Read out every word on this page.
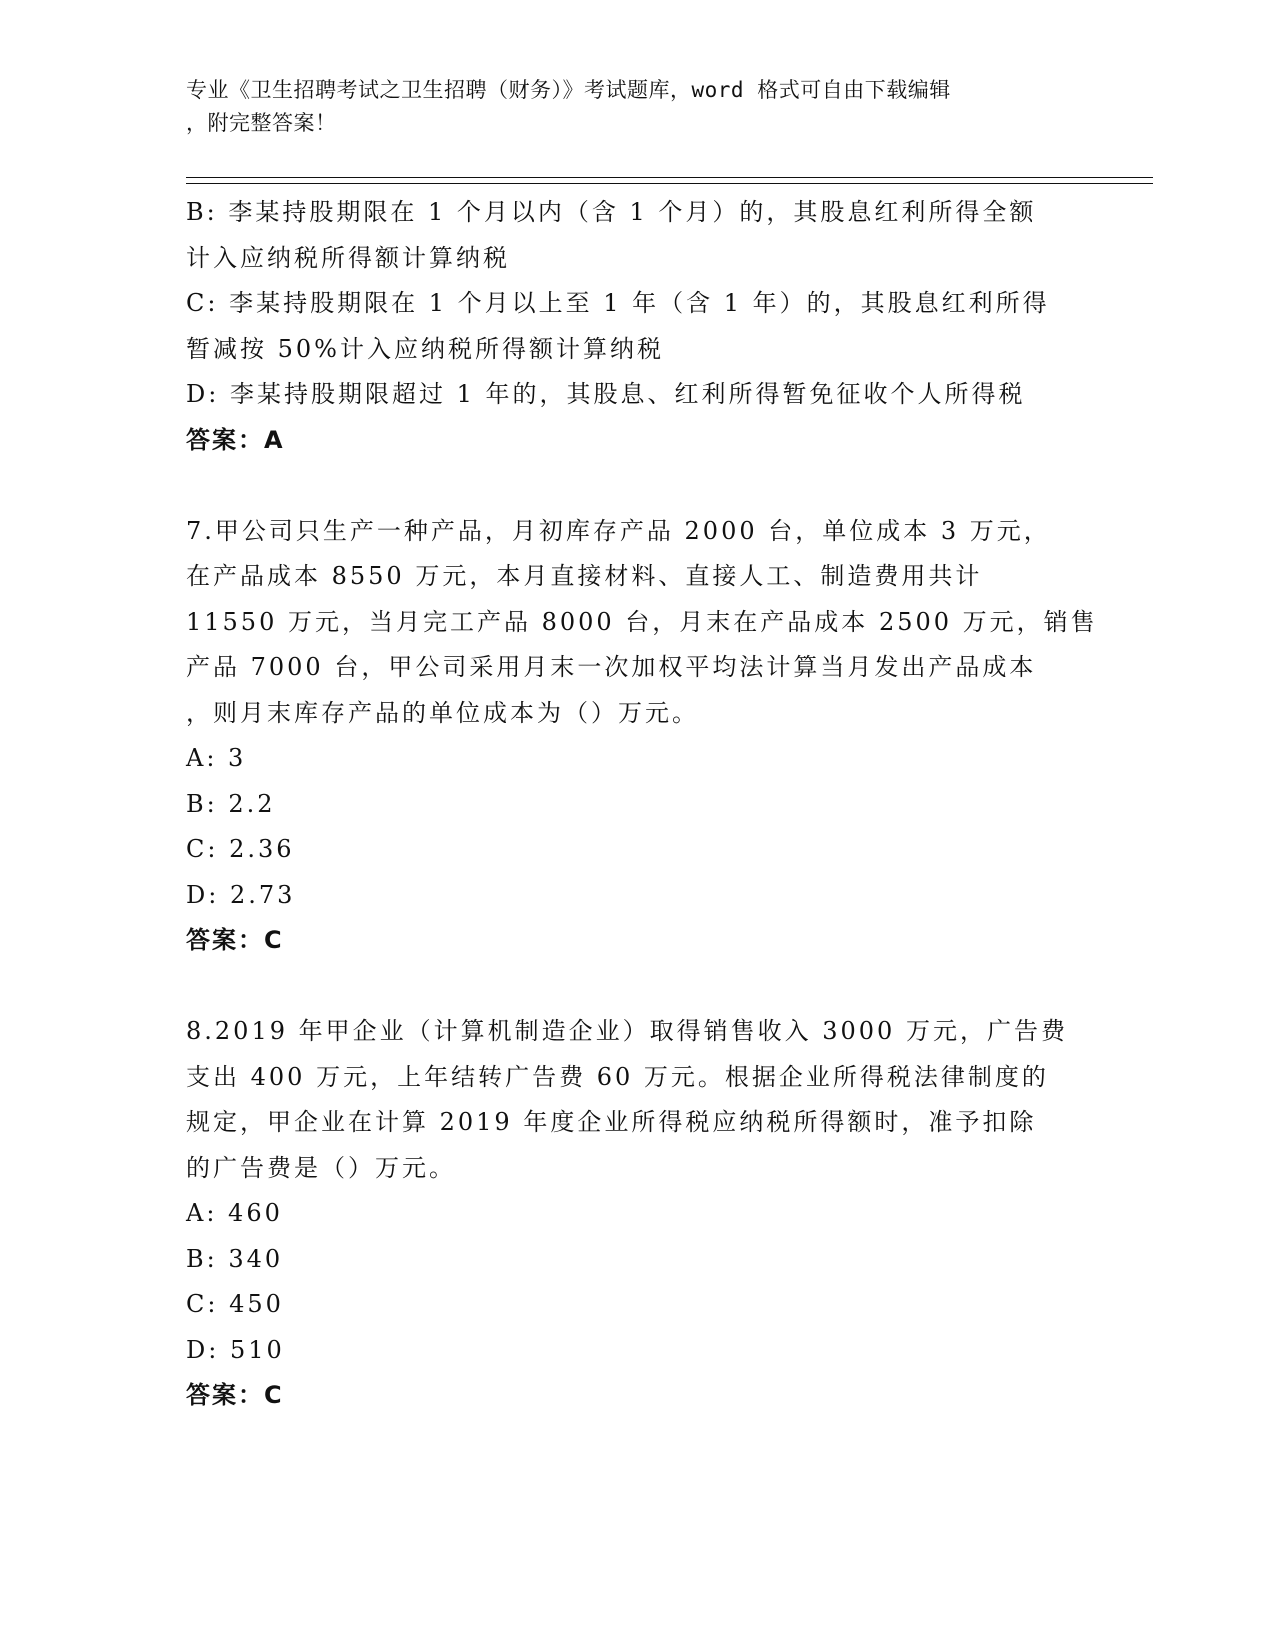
专业《卫生招聘考试之卫生招聘（财务）》考试题库，word 格式可自由下载编辑
，附完整答案！
B: 李某持股期限在 1 个月以内（含 1 个月）的，其股息红利所得全额
计入应纳税所得额计算纳税
C: 李某持股期限在 1 个月以上至 1 年（含 1 年）的，其股息红利所得
暂减按 50%计入应纳税所得额计算纳税
D: 李某持股期限超过 1 年的，其股息、红利所得暂免征收个人所得税
答案：A
7.甲公司只生产一种产品，月初库存产品 2000 台，单位成本 3 万元，
在产品成本 8550 万元，本月直接材料、直接人工、制造费用共计
11550 万元，当月完工产品 8000 台，月末在产品成本 2500 万元，销售
产品 7000 台，甲公司采用月末一次加权平均法计算当月发出产品成本
，则月末库存产品的单位成本为（）万元。
A: 3
B: 2.2
C: 2.36
D: 2.73
答案：C
8.2019 年甲企业（计算机制造企业）取得销售收入 3000 万元，广告费
支出 400 万元，上年结转广告费 60 万元。根据企业所得税法律制度的
规定，甲企业在计算 2019 年度企业所得税应纳税所得额时，准予扣除
的广告费是（）万元。
A: 460
B: 340
C: 450
D: 510
答案：C
